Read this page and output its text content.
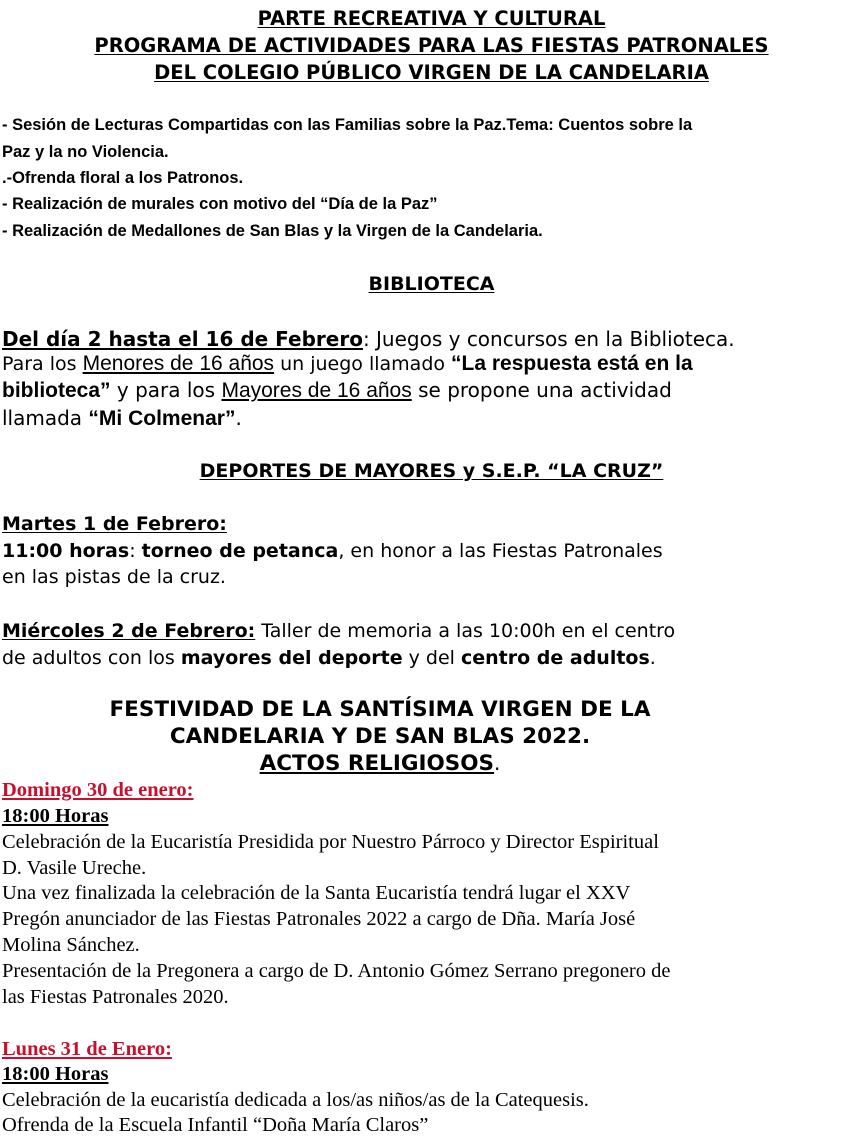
PARTE RECREATIVA Y CULTURAL
PROGRAMA DE ACTIVIDADES PARA LAS FIESTAS PATRONALES
DEL COLEGIO PÚBLICO VIRGEN DE LA CANDELARIA
- Sesión de Lecturas Compartidas con las Familias sobre la Paz.Tema: Cuentos sobre la
Paz y la no Violencia.
.-Ofrenda floral a los Patronos.
- Realización de murales con motivo del “Día de la Paz”
- Realización de Medallones de San Blas y la Virgen de la Candelaria.
BIBLIOTECA
Del día 2 hasta el 16 de Febrero: Juegos y concursos en la Biblioteca.
Para los Menores de 16 años un juego llamado “La respuesta está en la
biblioteca” y para los Mayores de 16 años se propone una actividad
llamada “Mi Colmenar”.
DEPORTES DE MAYORES y S.E.P. “LA CRUZ”
Martes 1 de Febrero:
11:00 horas: torneo de petanca, en honor a las Fiestas Patronales
en las pistas de la cruz.
Miércoles 2 de Febrero: Taller de memoria a las 10:00h en el centro
de adultos con los mayores del deporte y del centro de adultos.
FESTIVIDAD DE LA SANTÍSIMA VIRGEN DE LA
CANDELARIA Y DE SAN BLAS 2022.
ACTOS RELIGIOSOS.
Domingo 30 de enero:
18:00 Horas
Celebración de la Eucaristía Presidida por Nuestro Párroco y Director Espiritual
D. Vasile Ureche.
Una vez finalizada la celebración de la Santa Eucaristía tendrá lugar el XXV
Pregón anunciador de las Fiestas Patronales 2022 a cargo de Dña. María José
Molina Sánchez.
Presentación de la Pregonera a cargo de D. Antonio Gómez Serrano pregonero de
las Fiestas Patronales 2020.
Lunes 31 de Enero:
18:00 Horas
Celebración de la eucaristía dedicada a los/as niños/as de la Catequesis.
Ofrenda de la Escuela Infantil “Doña María Claros”
